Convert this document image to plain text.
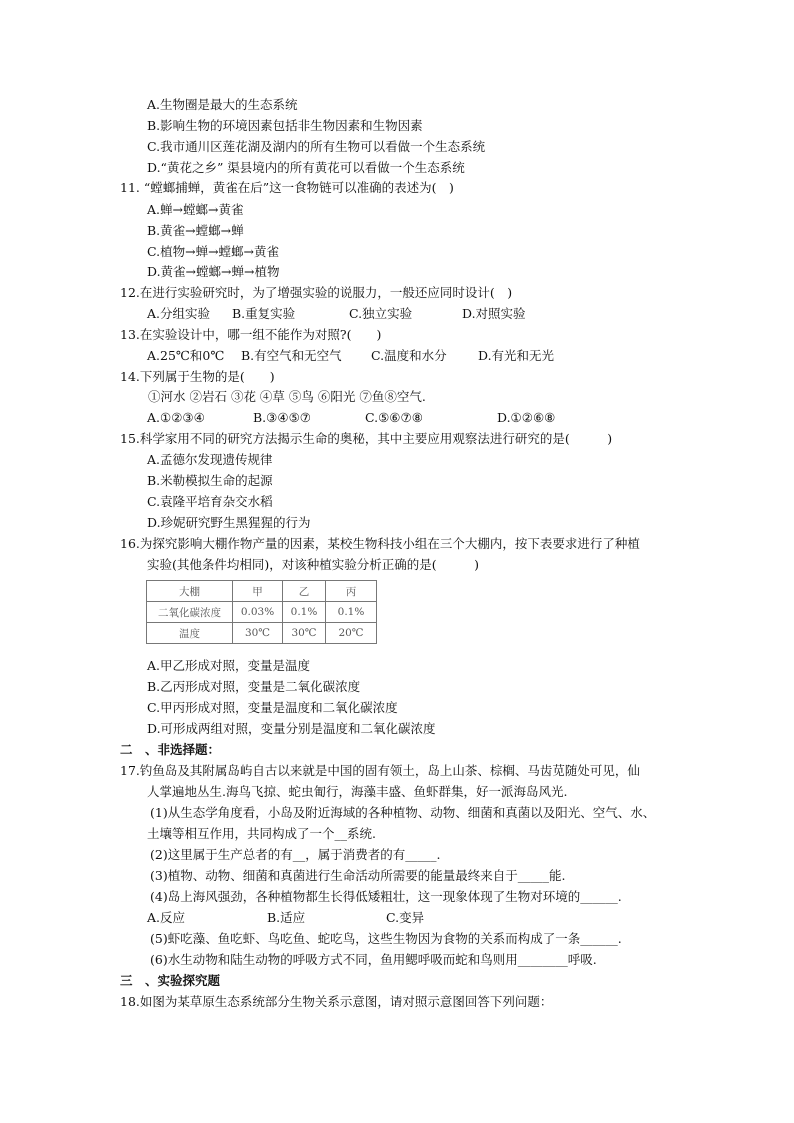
A.生物圈是最大的生态系统
B.影响生物的环境因素包括非生物因素和生物因素
C.我市通川区莲花湖及湖内的所有生物可以看做一个生态系统
D.“黄花之乡” 渠县境内的所有黄花可以看做一个生态系统
11. “螳螂捕蝉，黄雀在后”这一食物链可以准确的表述为(　)
A.蝉→螳螂→黄雀
B.黄雀→螳螂→蝉
C.植物→蝉→螳螂→黄雀
D.黄雀→螳螂→蝉→植物
12.在进行实验研究时，为了增强实验的说服力，一般还应同时设计(　)
A.分组实验 B.重复实验	C.独立实验	D.对照实验
13.在实验设计中，哪一组不能作为对照?(　　)
A.25℃和0℃ B.有空气和无空气 C.温度和水分	D.有光和无光
14.下列属于生物的是(　　)
①河水 ②岩石 ③花 ④草 ⑤鸟 ⑥阳光 ⑦鱼⑧空气.
A.①②③④	B.③④⑤⑦	C.⑤⑥⑦⑧	D.①②⑥⑧
15.科学家用不同的研究方法揭示生命的奥秘，其中主要应用观察法进行研究的是(　　　)
A.孟德尔发现遗传规律
B.米勒模拟生命的起源
C.袁隆平培育杂交水稻
D.珍妮研究野生黑猩猩的行为
16.为探究影响大棚作物产量的因素，某校生物科技小组在三个大棚内，按下表要求进行了种植
实验(其他条件均相同)，对该种植实验分析正确的是(　　　)
大棚	甲	乙	丙
二氧化碳浓度	0.03%	0.1%	0.1%
温度	30℃	30℃	20℃
A.甲乙形成对照，变量是温度
B.乙丙形成对照，变量是二氧化碳浓度
C.甲丙形成对照，变量是温度和二氧化碳浓度
D.可形成两组对照，变量分别是温度和二氧化碳浓度
二　、非选择题：
17.钓鱼岛及其附属岛屿自古以来就是中国的固有领土，岛上山茶、棕榈、马齿苋随处可见，仙
人掌遍地丛生.海鸟飞掠、蛇虫匍行，海藻丰盛、鱼虾群集，好一派海岛风光.
(1)从生态学角度看，小岛及附近海域的各种植物、动物、细菌和真菌以及阳光、空气、水、
土壤等相互作用，共同构成了一个__系统.
(2)这里属于生产总者的有__，属于消费者的有_____.
(3)植物、动物、细菌和真菌进行生命活动所需要的能量最终来自于_____能.
(4)岛上海风强劲，各种植物都生长得低矮粗壮，这一现象体现了生物对环境的______.
A.反应	B.适应	C.变异
(5)虾吃藻、鱼吃虾、鸟吃鱼、蛇吃鸟，这些生物因为食物的关系而构成了一条______.
(6)水生动物和陆生动物的呼吸方式不同，鱼用鳃呼吸而蛇和鸟则用________呼吸.
三　、实验探究题
18.如图为某草原生态系统部分生物关系示意图，请对照示意图回答下列问题：
